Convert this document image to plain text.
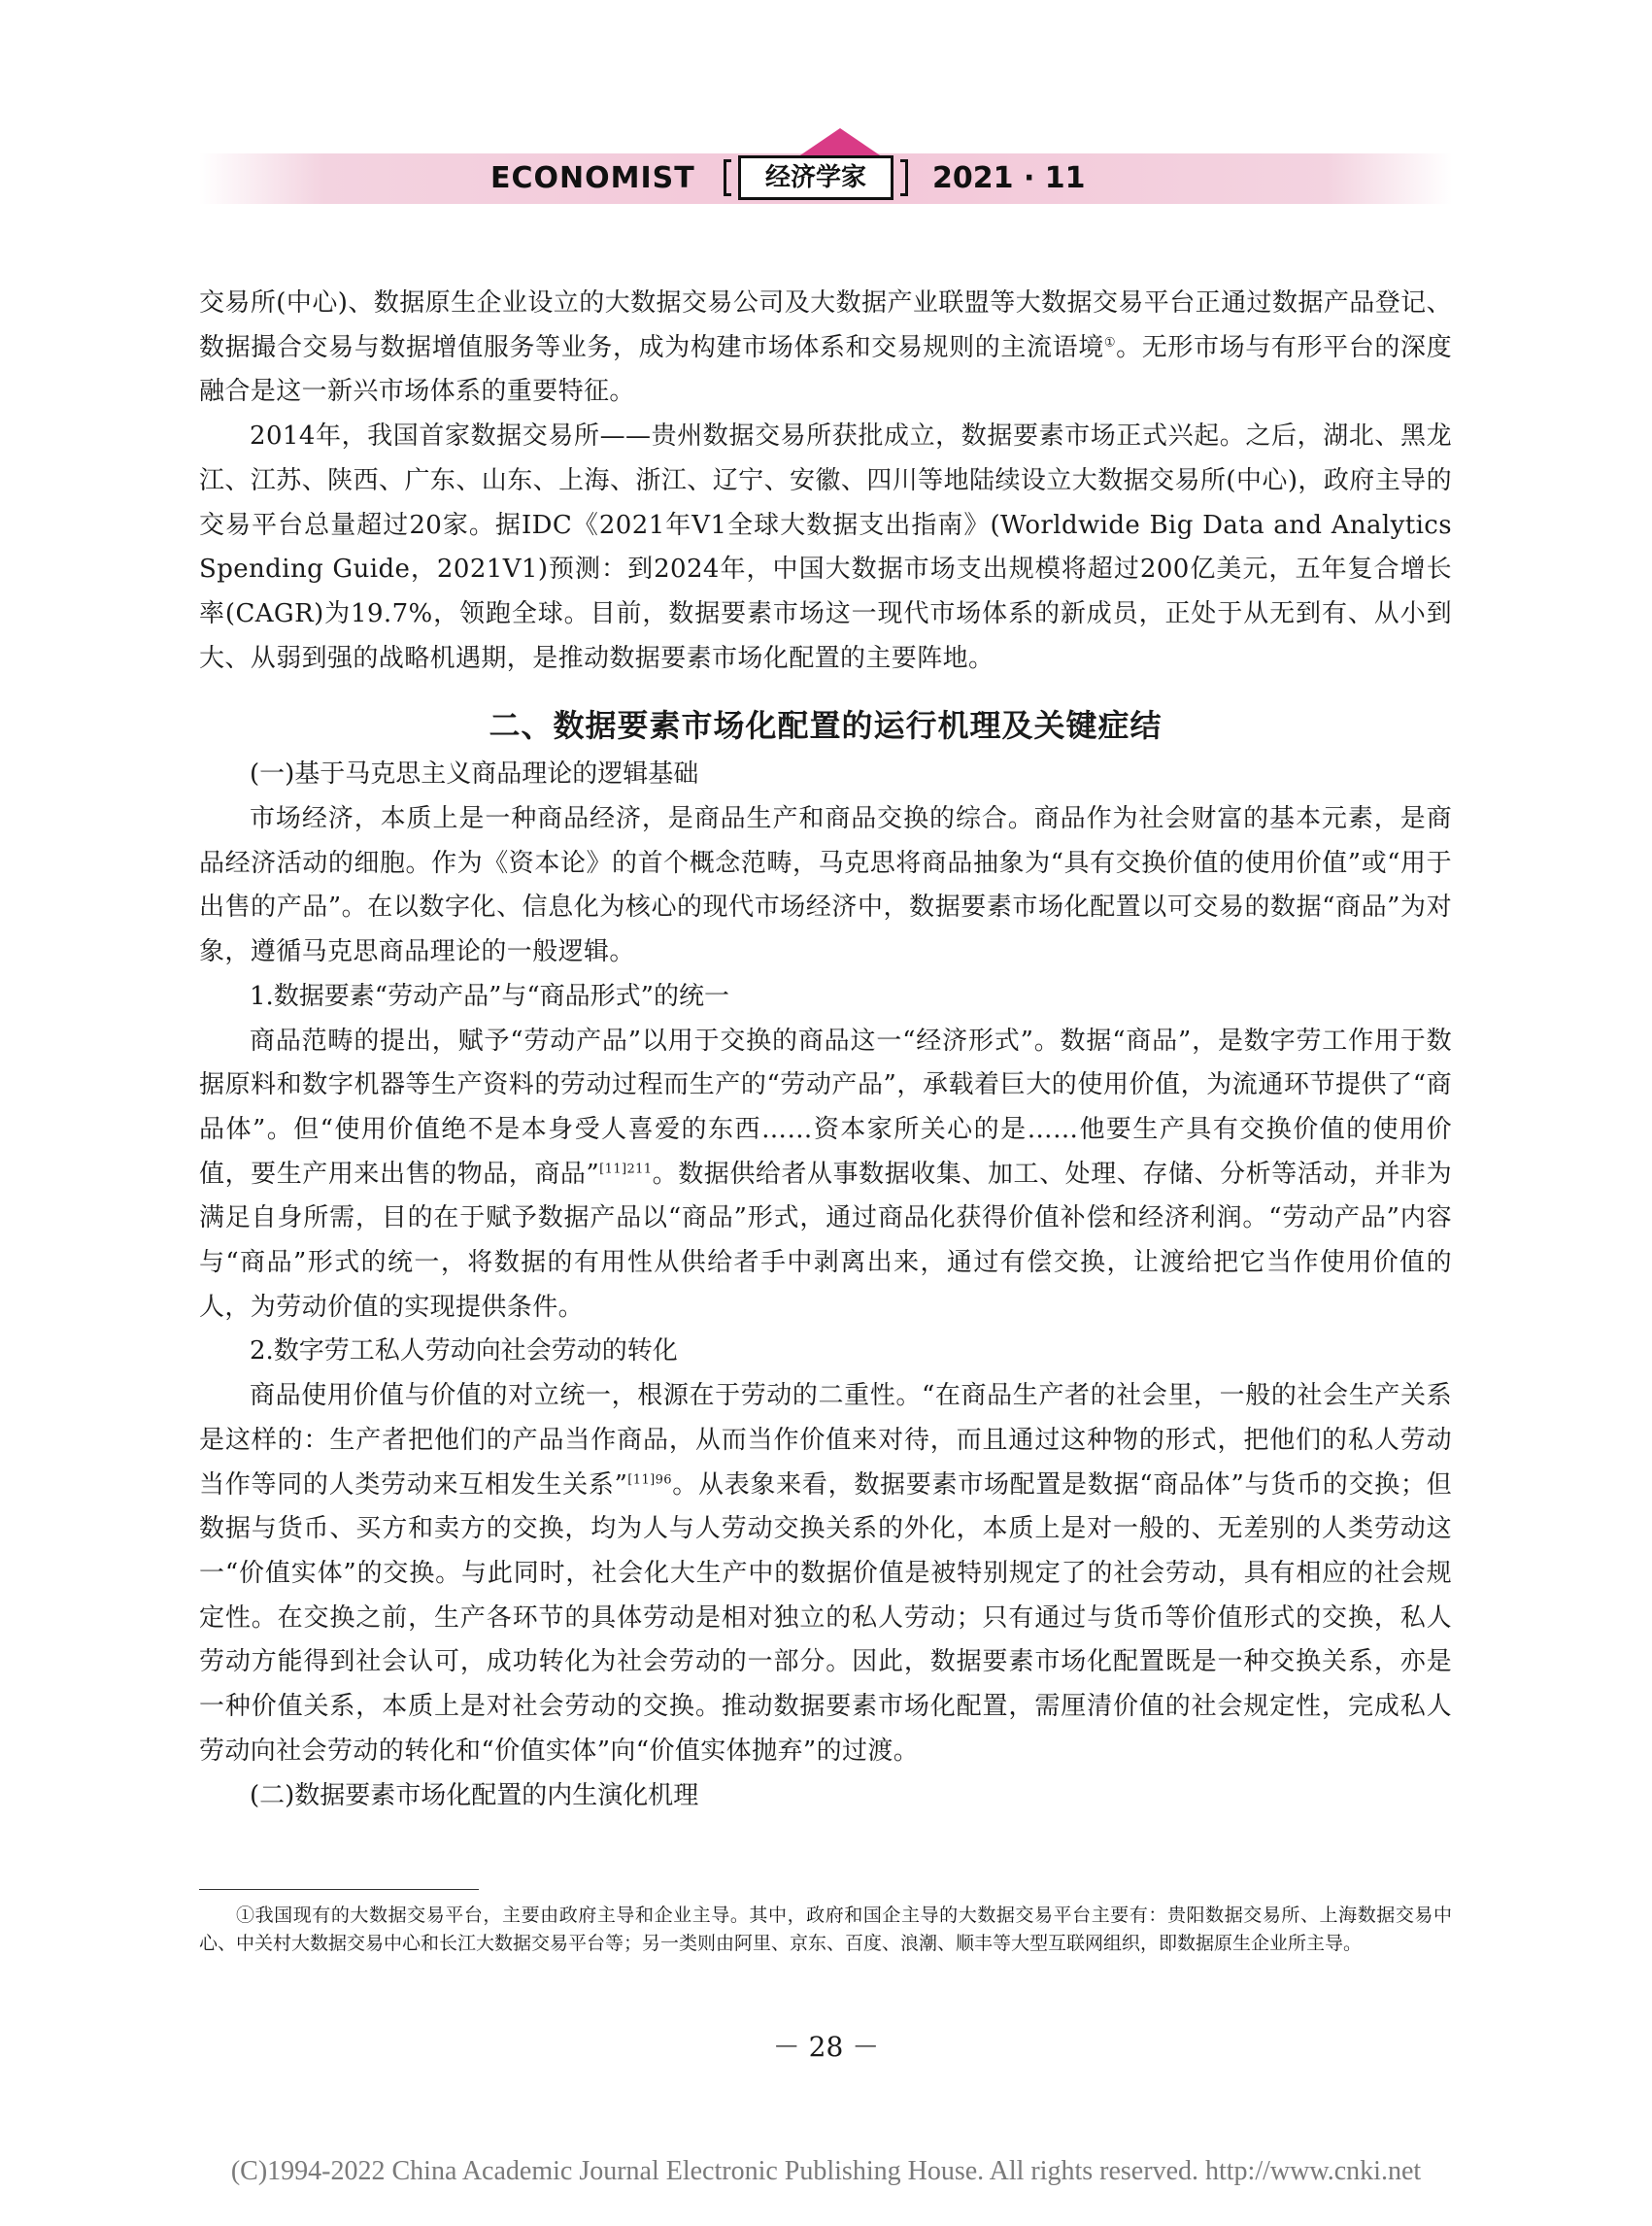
ECONOMIST	经济学家	2021 · 11

交易所(中心)、数据原生企业设立的大数据交易公司及大数据产业联盟等大数据交易平台正通过数据产品登记、数据撮合交易与数据增值服务等业务，成为构建市场体系和交易规则的主流语境①。无形市场与有形平台的深度融合是这一新兴市场体系的重要特征。

2014年，我国首家数据交易所——贵州数据交易所获批成立，数据要素市场正式兴起。之后，湖北、黑龙江、江苏、陕西、广东、山东、上海、浙江、辽宁、安徽、四川等地陆续设立大数据交易所(中心)，政府主导的交易平台总量超过20家。据IDC《2021年V1全球大数据支出指南》(Worldwide Big Data and Analytics Spending Guide，2021V1)预测：到2024年，中国大数据市场支出规模将超过200亿美元，五年复合增长率(CAGR)为19.7%，领跑全球。目前，数据要素市场这一现代市场体系的新成员，正处于从无到有、从小到大、从弱到强的战略机遇期，是推动数据要素市场化配置的主要阵地。

二、数据要素市场化配置的运行机理及关键症结

(一)基于马克思主义商品理论的逻辑基础

市场经济，本质上是一种商品经济，是商品生产和商品交换的综合。商品作为社会财富的基本元素，是商品经济活动的细胞。作为《资本论》的首个概念范畴，马克思将商品抽象为“具有交换价值的使用价值”或“用于出售的产品”。在以数字化、信息化为核心的现代市场经济中，数据要素市场化配置以可交易的数据“商品”为对象，遵循马克思商品理论的一般逻辑。

1.数据要素“劳动产品”与“商品形式”的统一

商品范畴的提出，赋予“劳动产品”以用于交换的商品这一“经济形式”。数据“商品”，是数字劳工作用于数据原料和数字机器等生产资料的劳动过程而生产的“劳动产品”，承载着巨大的使用价值，为流通环节提供了“商品体”。但“使用价值绝不是本身受人喜爱的东西……资本家所关心的是……他要生产具有交换价值的使用价值，要生产用来出售的物品，商品”$^{[11]211}$。数据供给者从事数据收集、加工、处理、存储、分析等活动，并非为满足自身所需，目的在于赋予数据产品以“商品”形式，通过商品化获得价值补偿和经济利润。“劳动产品”内容与“商品”形式的统一，将数据的有用性从供给者手中剥离出来，通过有偿交换，让渡给把它当作使用价值的人，为劳动价值的实现提供条件。

2.数字劳工私人劳动向社会劳动的转化

商品使用价值与价值的对立统一，根源在于劳动的二重性。“在商品生产者的社会里，一般的社会生产关系是这样的：生产者把他们的产品当作商品，从而当作价值来对待，而且通过这种物的形式，把他们的私人劳动当作等同的人类劳动来互相发生关系”$^{[11]96}$。从表象来看，数据要素市场配置是数据“商品体”与货币的交换；但数据与货币、买方和卖方的交换，均为人与人劳动交换关系的外化，本质上是对一般的、无差别的人类劳动这一“价值实体”的交换。与此同时，社会化大生产中的数据价值是被特别规定了的社会劳动，具有相应的社会规定性。在交换之前，生产各环节的具体劳动是相对独立的私人劳动；只有通过与货币等价值形式的交换，私人劳动方能得到社会认可，成功转化为社会劳动的一部分。因此，数据要素市场化配置既是一种交换关系，亦是一种价值关系，本质上是对社会劳动的交换。推动数据要素市场化配置，需厘清价值的社会规定性，完成私人劳动向社会劳动的转化和“价值实体”向“价值实体抛弃”的过渡。

(二)数据要素市场化配置的内生演化机理

①我国现有的大数据交易平台，主要由政府主导和企业主导。其中，政府和国企主导的大数据交易平台主要有：贵阳数据交易所、上海数据交易中心、中关村大数据交易中心和长江大数据交易平台等；另一类则由阿里、京东、百度、浪潮、顺丰等大型互联网组织，即数据原生企业所主导。

－ 28 －
(C)1994-2022 China Academic Journal Electronic Publishing House. All rights reserved. http://www.cnki.net
